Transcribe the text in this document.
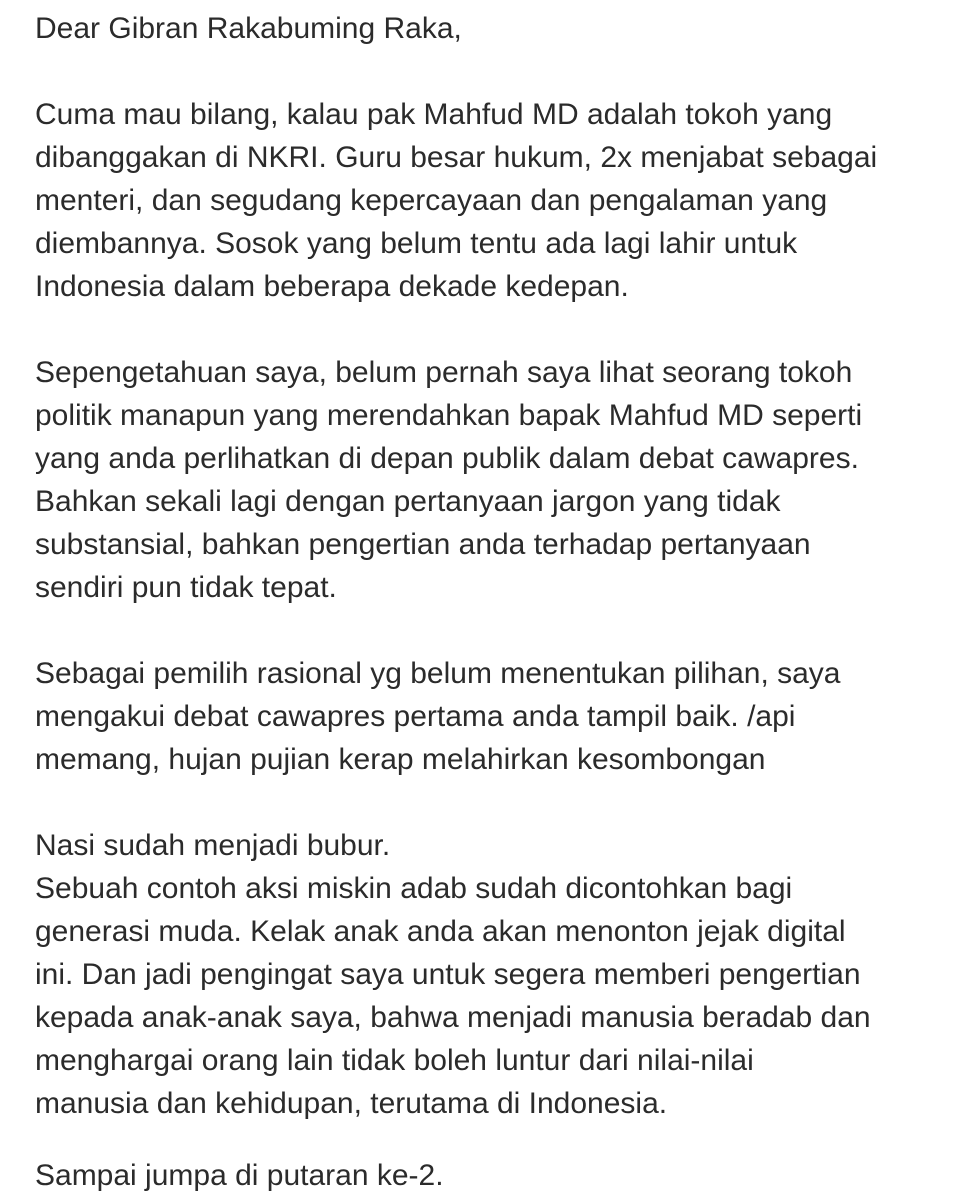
Dear Gibran Rakabuming Raka,

Cuma mau bilang, kalau pak Mahfud MD adalah tokoh yang

dibanggakan di NKRI. Guru besar hukum, 2x menjabat sebagai

menteri, dan segudang kepercayaan dan pengalaman yang

diembannya. Sosok yang belum tentu ada lagi lahir untuk

Indonesia dalam beberapa dekade kedepan.

Sepengetahuan saya, belum pernah saya lihat seorang tokoh

politik manapun yang merendahkan bapak Mahfud MD seperti

yang anda perlihatkan di depan publik dalam debat cawapres.

Bahkan sekali lagi dengan pertanyaan jargon yang tidak

substansial, bahkan pengertian anda terhadap pertanyaan

sendiri pun tidak tepat.

Sebagai pemilih rasional yg belum menentukan pilihan, saya

mengakui debat cawapres pertama anda tampil baik. /api

memang, hujan pujian kerap melahirkan kesombongan

Nasi sudah menjadi bubur.

Sebuah contoh aksi miskin adab sudah dicontohkan bagi

generasi muda. Kelak anak anda akan menonton jejak digital

ini. Dan jadi pengingat saya untuk segera memberi pengertian

kepada anak-anak saya, bahwa menjadi manusia beradab dan

menghargai orang lain tidak boleh luntur dari nilai-nilai

manusia dan kehidupan, terutama di Indonesia.

Sampai jumpa di putaran ke-2.
